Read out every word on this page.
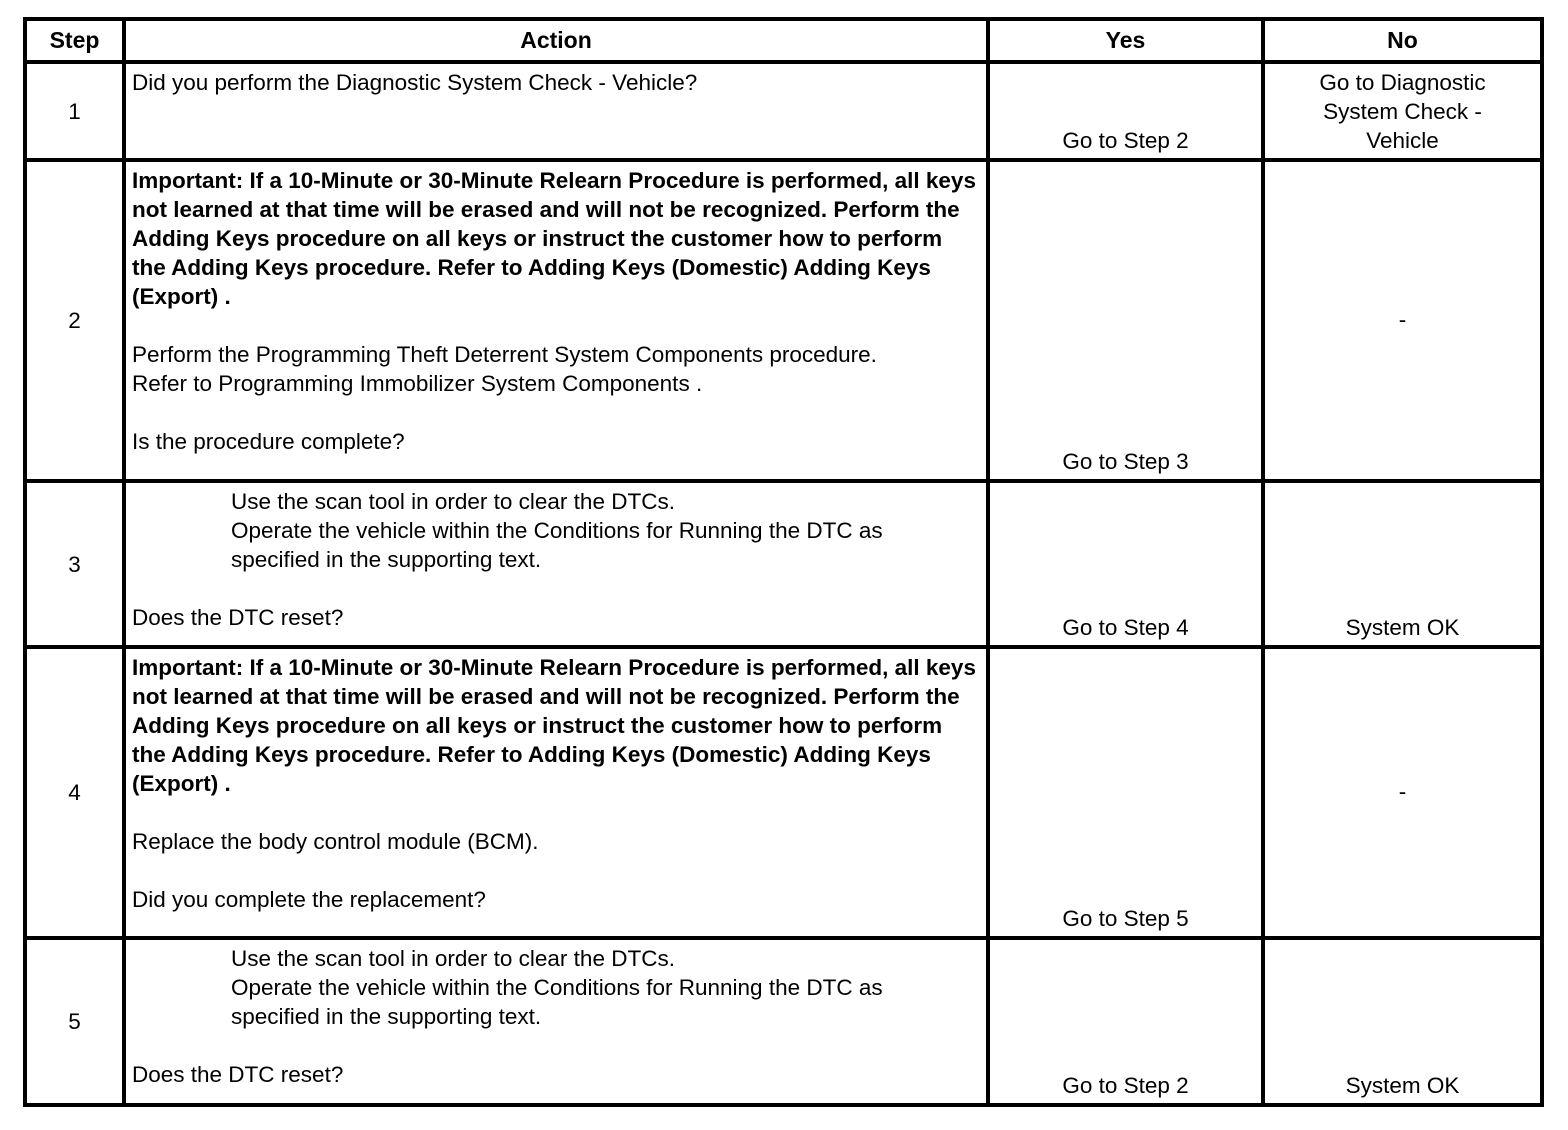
Step	Action	Yes	No
1	Did you perform the Diagnostic System Check - Vehicle?	Go to Step 2	Go to Diagnostic System Check - Vehicle
2	Important: If a 10-Minute or 30-Minute Relearn Procedure is performed, all keys not learned at that time will be erased and will not be recognized. Perform the Adding Keys procedure on all keys or instruct the customer how to perform the Adding Keys procedure. Refer to Adding Keys (Domestic) Adding Keys (Export) .
Perform the Programming Theft Deterrent System Components procedure.
Refer to Programming Immobilizer System Components .
Is the procedure complete?	Go to Step 3	-
3	Use the scan tool in order to clear the DTCs.
Operate the vehicle within the Conditions for Running the DTC as
specified in the supporting text.
Does the DTC reset?	Go to Step 4	System OK
4	Important: If a 10-Minute or 30-Minute Relearn Procedure is performed, all keys not learned at that time will be erased and will not be recognized. Perform the Adding Keys procedure on all keys or instruct the customer how to perform the Adding Keys procedure. Refer to Adding Keys (Domestic) Adding Keys (Export) .
Replace the body control module (BCM).
Did you complete the replacement?	Go to Step 5	-
5	Use the scan tool in order to clear the DTCs.
Operate the vehicle within the Conditions for Running the DTC as
specified in the supporting text.
Does the DTC reset?	Go to Step 2	System OK
